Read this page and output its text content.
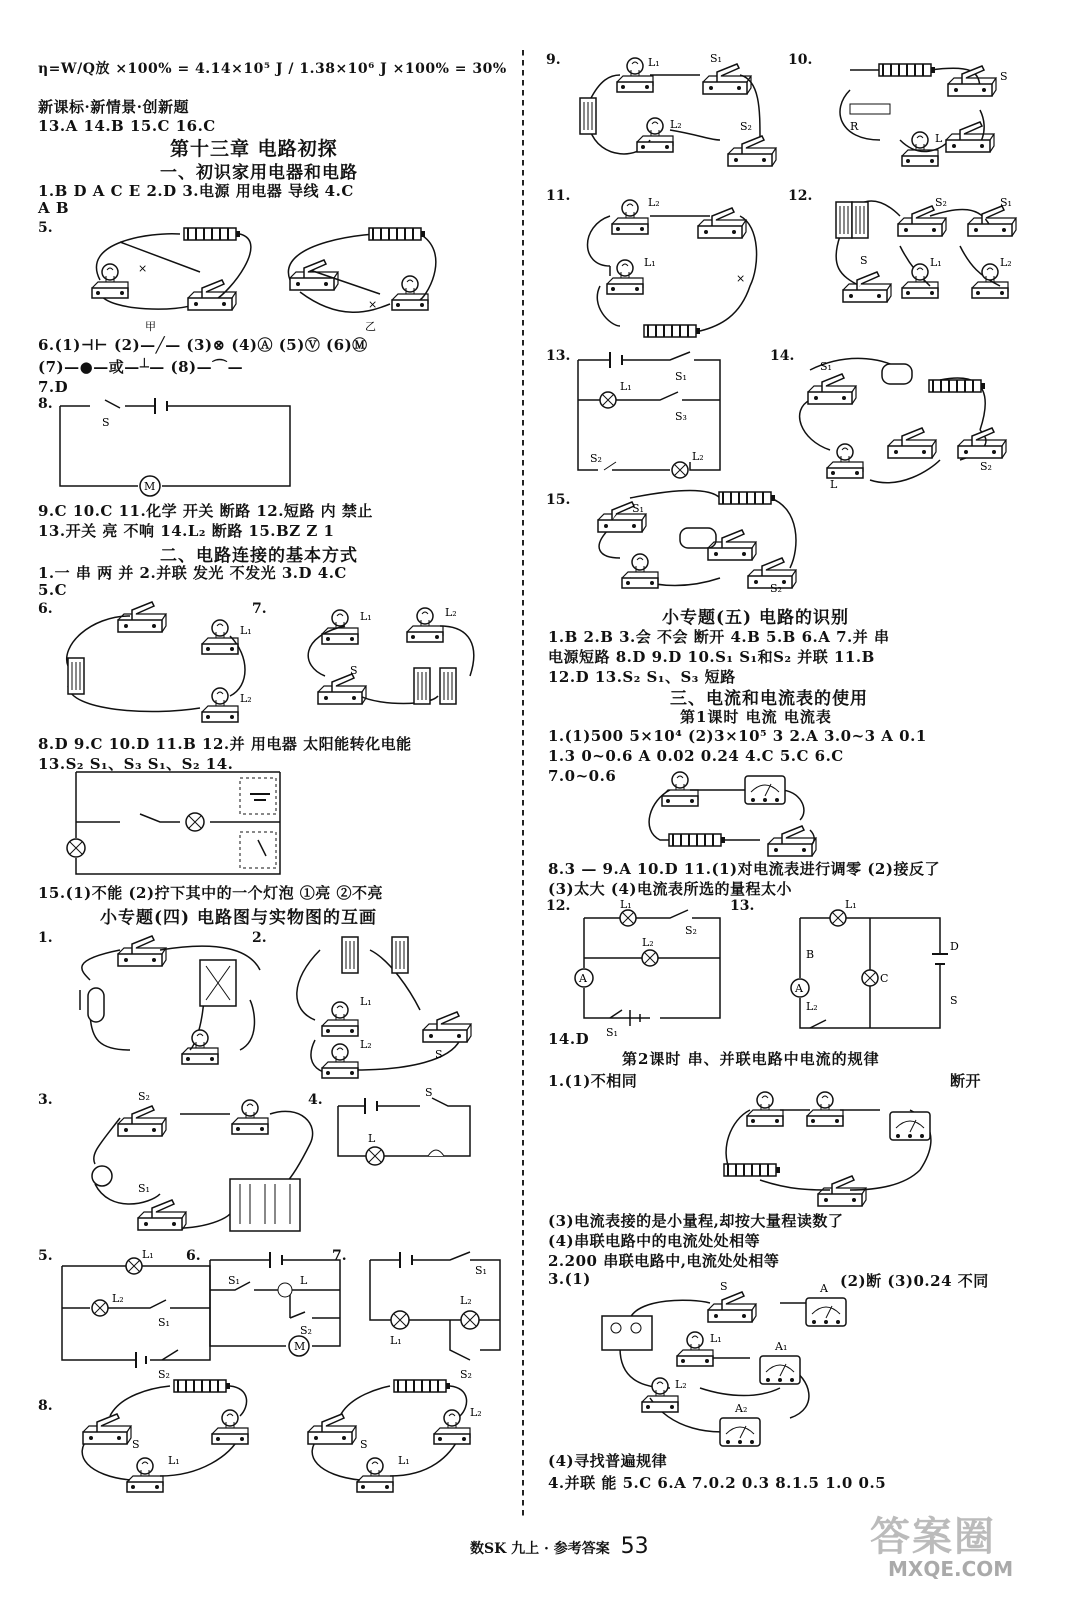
η=W/Q放 ×100% = 4.14×10⁵ J / 1.38×10⁶ J ×100% = 30%
新课标·新情景·创新题
13.A 14.B 15.C 16.C
第十三章 电路初探
一、初识家用电器和电路
1.B D A C E 2.D 3.电源 用电器 导线 4.C
A B
5.
×
×
甲	乙
6.(1)⊣⊢ (2)—╱— (3)⊗ (4)Ⓐ (5)Ⓥ (6)Ⓜ
(7)—●—或—┴— (8)—⌒—
7.D
8.
M
S
9.C 10.C 11.化学 开关 断路 12.短路 内 禁止
13.开关 亮 不响 14.L₂ 断路 15.BZ Z 1
二、电路连接的基本方式
1.一 串 两 并 2.并联 发光 不发光 3.D 4.C
5.C
6.	7.
L₁
L₂
L₁	L₂
S
8.D 9.C 10.D 11.B 12.并 用电器 太阳能转化电能
13.S₂ S₁、S₃ S₁、S₂ 14.
15.(1)不能 (2)拧下其中的一个灯泡 ①亮 ②不亮
小专题(四) 电路图与实物图的互画
1.	2.
L₁
L₂
S
3.	4.
S₂
S₁
S
L
5.	6.	7.
L₁
L₂
S₁
S₂
S₁	L
S₂
M
S₁
L₁
L₂
S₂
8.
S
L₁
S
L₁
L₂
9.	10.
L₁	S₁
L₂	S₂
S
R
L
11.	12.
×
L₂
L₁
S₂
L₁
S	L₂
S₁
13.	14.
S₁
L₁
S₂
S₃
L₂
S₁
S₂
L
15.
S₁
S₂
小专题(五) 电路的识别
1.B 2.B 3.会 不会 断开 4.B 5.B 6.A 7.并 串
电源短路 8.D 9.D 10.S₁ S₁和S₂ 并联 11.B
12.D 13.S₂ S₁、S₃ 短路
三、电流和电流表的使用
第1课时 电流 电流表
1.(1)500 5×10⁴ (2)3×10⁵ 3 2.A 3.0~3 A 0.1
1.3 0~0.6 A 0.02 0.24 4.C 5.C 6.C
7.0~0.6
8.3 — 9.A 10.D 11.(1)对电流表进行调零 (2)接反了
(3)太大 (4)电流表所选的量程太小
12.	13.
L₁
S₂
L₂
A
S₁
L₁
A
B
L₂
C
D
S
14.D
第2课时 串、并联电路中电流的规律
1.(1)不相同	断开
(3)电流表接的是小量程,却按大量程读数了
(4)串联电路中的电流处处相等
2.200 串联电路中,电流处处相等
3.(1)	(2)断 (3)0.24 不同
S	A
L₁
A₁
L₂
A₂
(4)寻找普遍规律
4.并联 能 5.C 6.A 7.0.2 0.3 8.1.5 1.0 0.5
数SK 九上 · 参考答案 53	答案圈
MXQE.COM
